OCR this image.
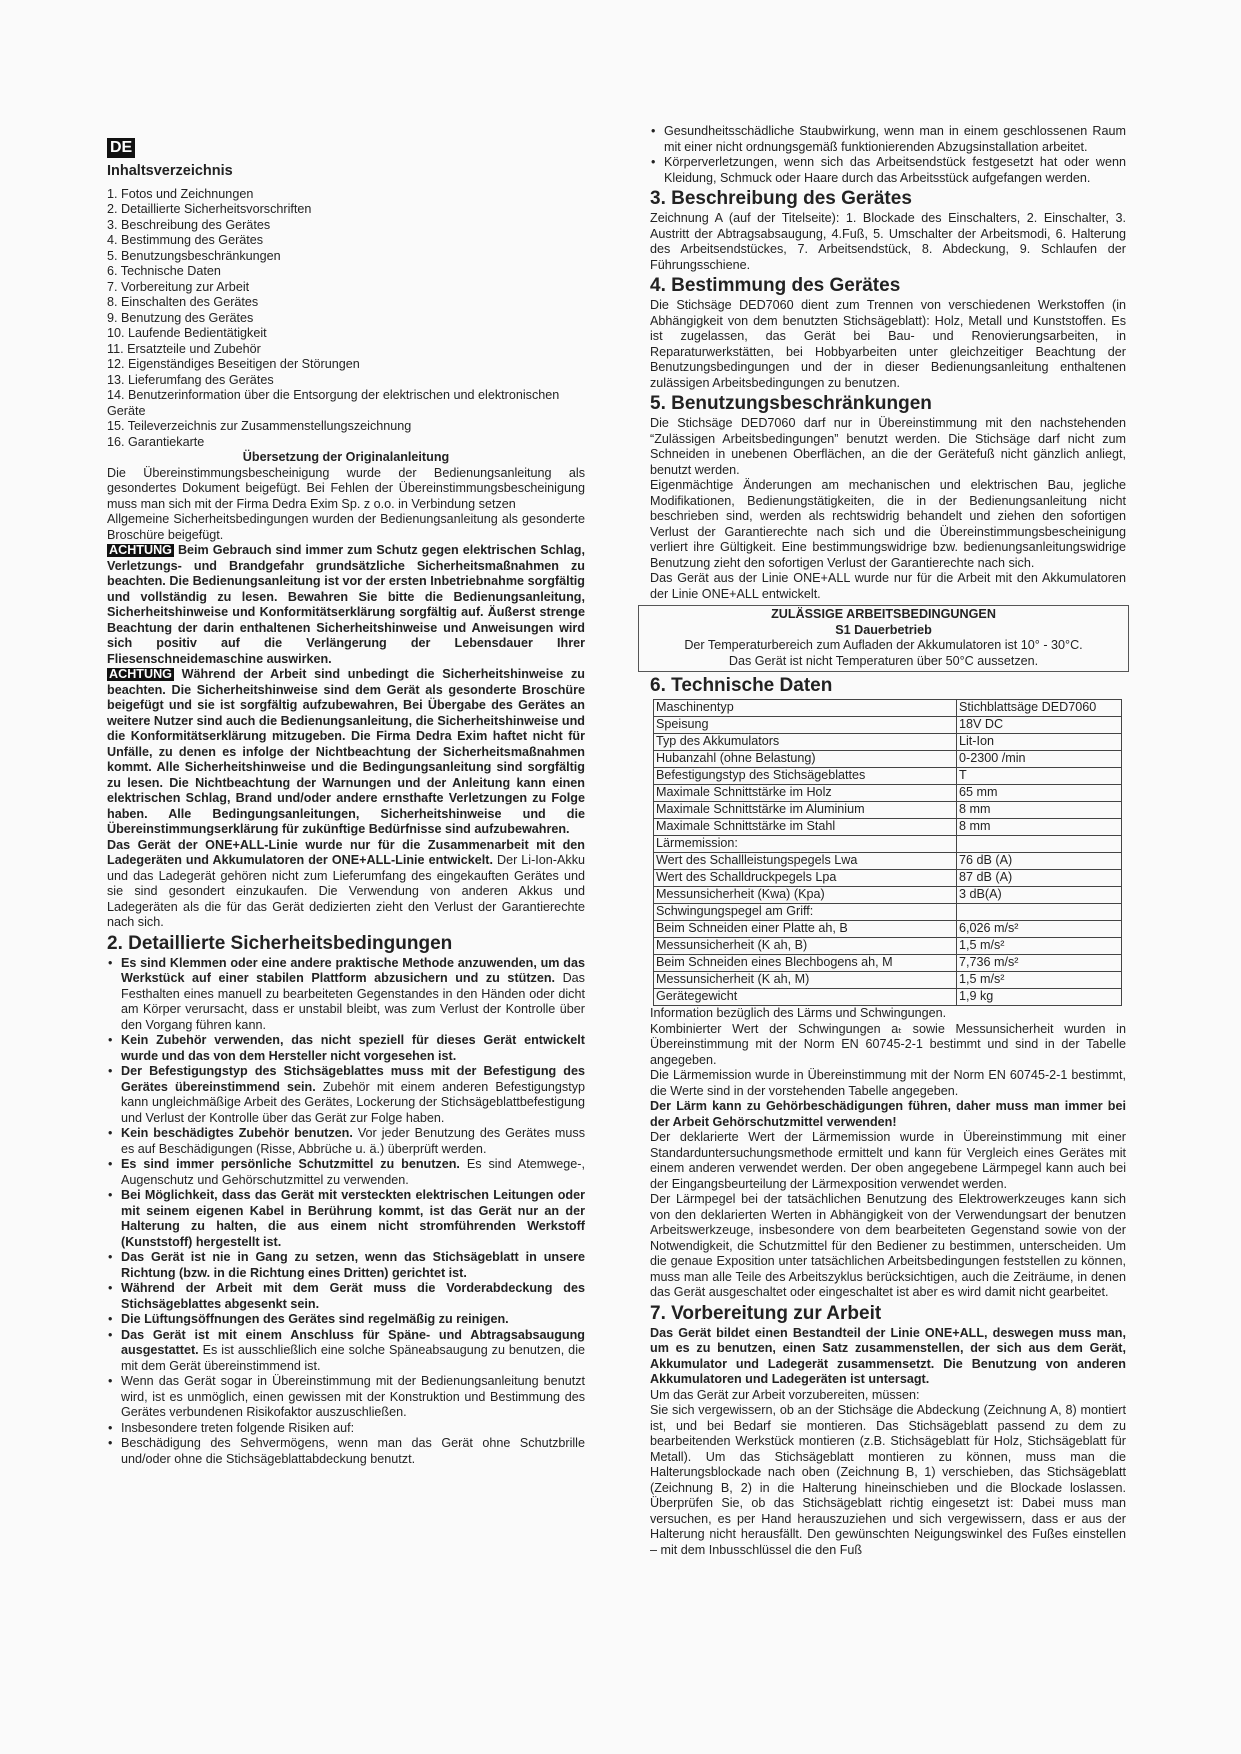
DE
Inhaltsverzeichnis
1. Fotos und Zeichnungen
2. Detaillierte Sicherheitsvorschriften
3. Beschreibung des Gerätes
4. Bestimmung des Gerätes
5. Benutzungsbeschränkungen
6. Technische Daten
7. Vorbereitung zur Arbeit
8. Einschalten des Gerätes
9. Benutzung des Gerätes
10. Laufende Bedientätigkeit
11. Ersatzteile und Zubehör
12. Eigenständiges Beseitigen der Störungen
13. Lieferumfang des Gerätes
14. Benutzerinformation über die Entsorgung der elektrischen und elektronischen Geräte
15. Teileverzeichnis zur Zusammenstellungszeichnung
16. Garantiekarte

Übersetzung der Originalanleitung

Die Übereinstimmungsbescheinigung wurde der Bedienungsanleitung als gesondertes Dokument beigefügt. Bei Fehlen der Übereinstimmungsbescheinigung muss man sich mit der Firma Dedra Exim Sp. z o.o. in Verbindung setzen

Allgemeine Sicherheitsbedingungen wurden der Bedienungsanleitung als gesonderte Broschüre beigefügt.

ACHTUNG Beim Gebrauch sind immer zum Schutz gegen elektrischen Schlag, Verletzungs- und Brandgefahr grundsätzliche Sicherheitsmaßnahmen zu beachten. Die Bedienungsanleitung ist vor der ersten Inbetriebnahme sorgfältig und vollständig zu lesen. Bewahren Sie bitte die Bedienungsanleitung, Sicherheitshinweise und Konformitätserklärung sorgfältig auf. Äußerst strenge Beachtung der darin enthaltenen Sicherheitshinweise und Anweisungen wird sich positiv auf die Verlängerung der Lebensdauer Ihrer Fliesenschneidemaschine auswirken.

ACHTUNG Während der Arbeit sind unbedingt die Sicherheitshinweise zu beachten. Die Sicherheitshinweise sind dem Gerät als gesonderte Broschüre beigefügt und sie ist sorgfältig aufzubewahren, Bei Übergabe des Gerätes an weitere Nutzer sind auch die Bedienungsanleitung, die Sicherheitshinweise und die Konformitätserklärung mitzugeben. Die Firma Dedra Exim haftet nicht für Unfälle, zu denen es infolge der Nichtbeachtung der Sicherheitsmaßnahmen kommt. Alle Sicherheitshinweise und die Bedingungsanleitung sind sorgfältig zu lesen. Die Nichtbeachtung der Warnungen und der Anleitung kann einen elektrischen Schlag, Brand und/oder andere ernsthafte Verletzungen zu Folge haben. Alle Bedingungsanleitungen, Sicherheitshinweise und die Übereinstimmungserklärung für zukünftige Bedürfnisse sind aufzubewahren.

Das Gerät der ONE+ALL-Linie wurde nur für die Zusammenarbeit mit den Ladegeräten und Akkumulatoren der ONE+ALL-Linie entwickelt. Der Li-Ion-Akku und das Ladegerät gehören nicht zum Lieferumfang des eingekauften Gerätes und sie sind gesondert einzukaufen. Die Verwendung von anderen Akkus und Ladegeräten als die für das Gerät dedizierten zieht den Verlust der Garantierechte nach sich.

2. Detaillierte Sicherheitsbedingungen
• Es sind Klemmen oder eine andere praktische Methode anzuwenden, um das Werkstück auf einer stabilen Plattform abzusichern und zu stützen. Das Festhalten eines manuell zu bearbeiteten Gegenstandes in den Händen oder dicht am Körper verursacht, dass er unstabil bleibt, was zum Verlust der Kontrolle über den Vorgang führen kann.
• Kein Zubehör verwenden, das nicht speziell für dieses Gerät entwickelt wurde und das von dem Hersteller nicht vorgesehen ist.
• Der Befestigungstyp des Stichsägeblattes muss mit der Befestigung des Gerätes übereinstimmend sein. Zubehör mit einem anderen Befestigungstyp kann ungleichmäßige Arbeit des Gerätes, Lockerung der Stichsägeblattbefestigung und Verlust der Kontrolle über das Gerät zur Folge haben.
• Kein beschädigtes Zubehör benutzen. Vor jeder Benutzung des Gerätes muss es auf Beschädigungen (Risse, Abbrüche u. ä.) überprüft werden.
• Es sind immer persönliche Schutzmittel zu benutzen. Es sind Atemwege-, Augenschutz und Gehörschutzmittel zu verwenden.
• Bei Möglichkeit, dass das Gerät mit versteckten elektrischen Leitungen oder mit seinem eigenen Kabel in Berührung kommt, ist das Gerät nur an der Halterung zu halten, die aus einem nicht stromführenden Werkstoff (Kunststoff) hergestellt ist.
• Das Gerät ist nie in Gang zu setzen, wenn das Stichsägeblatt in unsere Richtung (bzw. in die Richtung eines Dritten) gerichtet ist.
• Während der Arbeit mit dem Gerät muss die Vorderabdeckung des Stichsägeblattes abgesenkt sein.
• Die Lüftungsöffnungen des Gerätes sind regelmäßig zu reinigen.
• Das Gerät ist mit einem Anschluss für Späne- und Abtragsabsaugung ausgestattet. Es ist ausschließlich eine solche Späneabsaugung zu benutzen, die mit dem Gerät übereinstimmend ist.
• Wenn das Gerät sogar in Übereinstimmung mit der Bedienungsanleitung benutzt wird, ist es unmöglich, einen gewissen mit der Konstruktion und Bestimmung des Gerätes verbundenen Risikofaktor auszuschließen.
• Insbesondere treten folgende Risiken auf:
• Beschädigung des Sehvermögens, wenn man das Gerät ohne Schutzbrille und/oder ohne die Stichsägeblattabdeckung benutzt.
• Gesundheitsschädliche Staubwirkung, wenn man in einem geschlossenen Raum mit einer nicht ordnungsgemäß funktionierenden Abzugsinstallation arbeitet.
• Körperverletzungen, wenn sich das Arbeitsendstück festgesetzt hat oder wenn Kleidung, Schmuck oder Haare durch das Arbeitsstück aufgefangen werden.
3. Beschreibung des Gerätes

Zeichnung A (auf der Titelseite): 1. Blockade des Einschalters, 2. Einschalter, 3. Austritt der Abtragsabsaugung, 4.Fuß, 5. Umschalter der Arbeitsmodi, 6. Halterung des Arbeitsendstückes, 7. Arbeitsendstück, 8. Abdeckung, 9. Schlaufen der Führungsschiene.

4. Bestimmung des Gerätes

Die Stichsäge DED7060 dient zum Trennen von verschiedenen Werkstoffen (in Abhängigkeit von dem benutzten Stichsägeblatt): Holz, Metall und Kunststoffen. Es ist zugelassen, das Gerät bei Bau- und Renovierungsarbeiten, in Reparaturwerkstätten, bei Hobbyarbeiten unter gleichzeitiger Beachtung der Benutzungsbedingungen und der in dieser Bedienungsanleitung enthaltenen zulässigen Arbeitsbedingungen zu benutzen.

5. Benutzungsbeschränkungen

Die Stichsäge DED7060 darf nur in Übereinstimmung mit den nachstehenden “Zulässigen Arbeitsbedingungen” benutzt werden. Die Stichsäge darf nicht zum Schneiden in unebenen Oberflächen, an die der Gerätefuß nicht gänzlich anliegt, benutzt werden.

Eigenmächtige Änderungen am mechanischen und elektrischen Bau, jegliche Modifikationen, Bedienungstätigkeiten, die in der Bedienungsanleitung nicht beschrieben sind, werden als rechtswidrig behandelt und ziehen den sofortigen Verlust der Garantierechte nach sich und die Übereinstimmungsbescheinigung verliert ihre Gültigkeit. Eine bestimmungswidrige bzw. bedienungsanleitungswidrige Benutzung zieht den sofortigen Verlust der Garantierechte nach sich.

Das Gerät aus der Linie ONE+ALL wurde nur für die Arbeit mit den Akkumulatoren der Linie ONE+ALL entwickelt.

ZULÄSSIGE ARBEITSBEDINGUNGEN
S1 Dauerbetrieb
Der Temperaturbereich zum Aufladen der Akkumulatoren ist 10° - 30°C.
Das Gerät ist nicht Temperaturen über 50°C aussetzen.
6. Technische Daten
Maschinentyp	Stichblattsäge DED7060
Speisung	18V DC
Typ des Akkumulators	Lit-Ion
Hubanzahl (ohne Belastung)	0-2300 /min
Befestigungstyp des Stichsägeblattes	T
Maximale Schnittstärke im Holz	65 mm
Maximale Schnittstärke im Aluminium	8 mm
Maximale Schnittstärke im Stahl	8 mm
Lärmemission:	
Wert des Schallleistungspegels Lwa	76 dB (A)
Wert des Schalldruckpegels Lpa	87 dB (A)
Messunsicherheit (Kwa) (Kpa)	3 dB(A)
Schwingungspegel am Griff:	
Beim Schneiden einer Platte ah, B	6,026 m/s²
Messunsicherheit (K ah, B)	1,5 m/s²
Beim Schneiden eines Blechbogens ah, M	7,736 m/s²
Messunsicherheit (K ah, M)	1,5 m/s²
Gerätegewicht	1,9 kg

Information bezüglich des Lärms und Schwingungen.

Kombinierter Wert der Schwingungen aₜ sowie Messunsicherheit wurden in Übereinstimmung mit der Norm EN 60745-2-1 bestimmt und sind in der Tabelle angegeben.

Die Lärmemission wurde in Übereinstimmung mit der Norm EN 60745-2-1 bestimmt, die Werte sind in der vorstehenden Tabelle angegeben.

Der Lärm kann zu Gehörbeschädigungen führen, daher muss man immer bei der Arbeit Gehörschutzmittel verwenden!

Der deklarierte Wert der Lärmemission wurde in Übereinstimmung mit einer Standarduntersuchungsmethode ermittelt und kann für Vergleich eines Gerätes mit einem anderen verwendet werden. Der oben angegebene Lärmpegel kann auch bei der Eingangsbeurteilung der Lärmexposition verwendet werden.

Der Lärmpegel bei der tatsächlichen Benutzung des Elektrowerkzeuges kann sich von den deklarierten Werten in Abhängigkeit von der Verwendungsart der benutzen Arbeitswerkzeuge, insbesondere von dem bearbeiteten Gegenstand sowie von der Notwendigkeit, die Schutzmittel für den Bediener zu bestimmen, unterscheiden. Um die genaue Exposition unter tatsächlichen Arbeitsbedingungen feststellen zu können, muss man alle Teile des Arbeitszyklus berücksichtigen, auch die Zeiträume, in denen das Gerät ausgeschaltet oder eingeschaltet ist aber es wird damit nicht gearbeitet.

7. Vorbereitung zur Arbeit

Das Gerät bildet einen Bestandteil der Linie ONE+ALL, deswegen muss man, um es zu benutzen, einen Satz zusammenstellen, der sich aus dem Gerät, Akkumulator und Ladegerät zusammensetzt. Die Benutzung von anderen Akkumulatoren und Ladegeräten ist untersagt.

Um das Gerät zur Arbeit vorzubereiten, müssen:

Sie sich vergewissern, ob an der Stichsäge die Abdeckung (Zeichnung A, 8) montiert ist, und bei Bedarf sie montieren. Das Stichsägeblatt passend zu dem zu bearbeitenden Werkstück montieren (z.B. Stichsägeblatt für Holz, Stichsägeblatt für Metall). Um das Stichsägeblatt montieren zu können, muss man die Halterungsblockade nach oben (Zeichnung B, 1) verschieben, das Stichsägeblatt (Zeichnung B, 2) in die Halterung hineinschieben und die Blockade loslassen. Überprüfen Sie, ob das Stichsägeblatt richtig eingesetzt ist: Dabei muss man versuchen, es per Hand herauszuziehen und sich vergewissern, dass er aus der Halterung nicht herausfällt. Den gewünschten Neigungswinkel des Fußes einstellen – mit dem Inbusschlüssel die den Fuß
